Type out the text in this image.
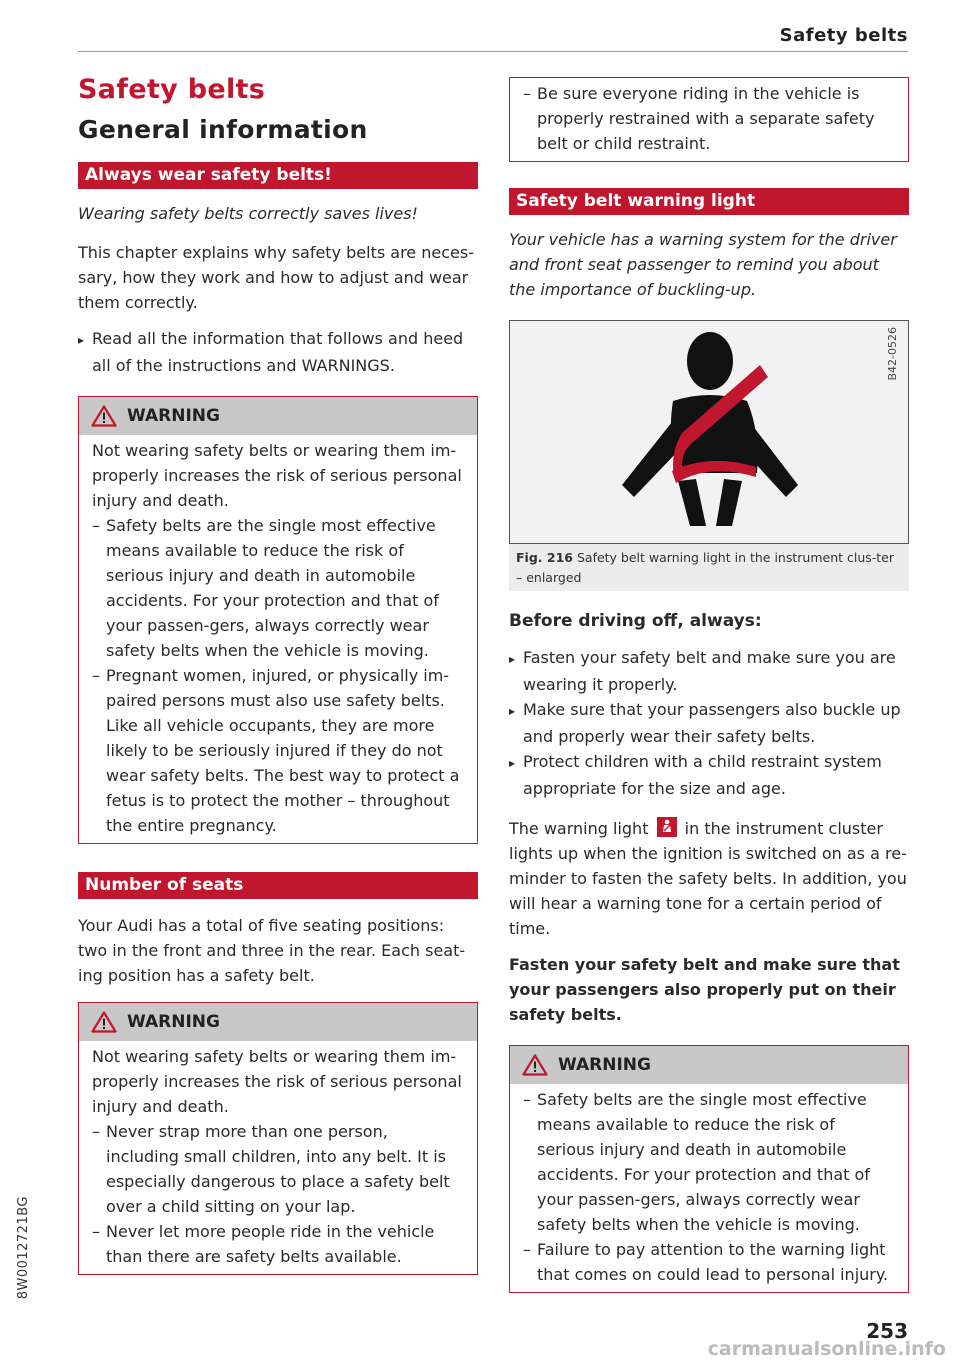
Safety belts
Safety belts
General information
Always wear safety belts!
Wearing safety belts correctly saves lives!

This chapter explains why safety belts are neces-sary, how they work and how to adjust and wear them correctly.

▸ Read all the information that follows and heed all of the instructions and WARNINGS.
WARNING

Not wearing safety belts or wearing them im-properly increases the risk of serious personal injury and death.

– Safety belts are the single most effective means available to reduce the risk of serious injury and death in automobile accidents. For your protection and that of your passen-gers, always correctly wear safety belts when the vehicle is moving.
– Pregnant women, injured, or physically im-paired persons must also use safety belts. Like all vehicle occupants, they are more likely to be seriously injured if they do not wear safety belts. The best way to protect a fetus is to protect the mother – throughout the entire pregnancy.
Number of seats

Your Audi has a total of five seating positions: two in the front and three in the rear. Each seat-ing position has a safety belt.

WARNING

Not wearing safety belts or wearing them im-properly increases the risk of serious personal injury and death.

– Never strap more than one person, including small children, into any belt. It is especially dangerous to place a safety belt over a child sitting on your lap.
– Never let more people ride in the vehicle than there are safety belts available.
– Be sure everyone riding in the vehicle is properly restrained with a separate safety belt or child restraint.
Safety belt warning light
Your vehicle has a warning system for the driver and front seat passenger to remind you about the importance of buckling-up.
B42-0526
Fig. 216 Safety belt warning light in the instrument clus-ter – enlarged
Before driving off, always:
▸ Fasten your safety belt and make sure you are wearing it properly.
▸ Make sure that your passengers also buckle up and properly wear their safety belts.
▸ Protect children with a child restraint system appropriate for the size and age.

The warning light in the instrument cluster lights up when the ignition is switched on as a re-minder to fasten the safety belts. In addition, you will hear a warning tone for a certain period of time.

Fasten your safety belt and make sure that your passengers also properly put on their safety belts.

WARNING
– Safety belts are the single most effective means available to reduce the risk of serious injury and death in automobile accidents. For your protection and that of your passen-gers, always correctly wear safety belts when the vehicle is moving.
– Failure to pay attention to the warning light that comes on could lead to personal injury.
8W0012721BG
253
carmanualsonline.info
